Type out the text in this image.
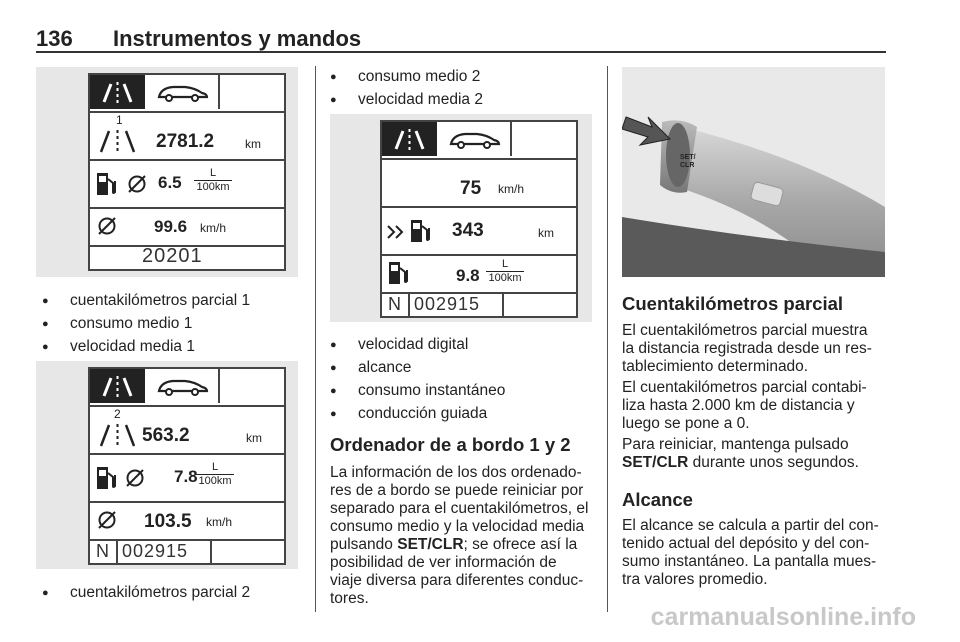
136 Instrumentos y mandos
1
2781.2	km
$6.5 \frac{L}{100km}$
99.6 km/h
20201
● cuentakilómetros parcial 1
● consumo medio 1
● velocidad media 1
2
563.2	km
7.8
$\frac{L}{100km}$
103.5 km/h
N 002915
● cuentakilómetros parcial 2
● consumo medio 2
● velocidad media 2
75 km/h
343	km
$9.8 \frac{L}{100km}$
N 002915
● velocidad digital
● alcance
● consumo instantáneo
● conducción guiada
Ordenador de a bordo 1 y 2
La información de los dos ordenado-
res de a bordo se puede reiniciar por
separado para el cuentakilómetros, el
consumo medio y la velocidad media
pulsando SET/CLR; se ofrece así la
posibilidad de ver información de
viaje diversa para diferentes conduc-
tores.
SET/
CLR
Cuentakilómetros parcial
El cuentakilómetros parcial muestra
la distancia registrada desde un res-
tablecimiento determinado.
El cuentakilómetros parcial contabi-
liza hasta 2.000 km de distancia y
luego se pone a 0.
Para reiniciar, mantenga pulsado
SET/CLR durante unos segundos.
Alcance
El alcance se calcula a partir del con-
tenido actual del depósito y del con-
sumo instantáneo. La pantalla mues-
tra valores promedio.
carmanualsonline.info
